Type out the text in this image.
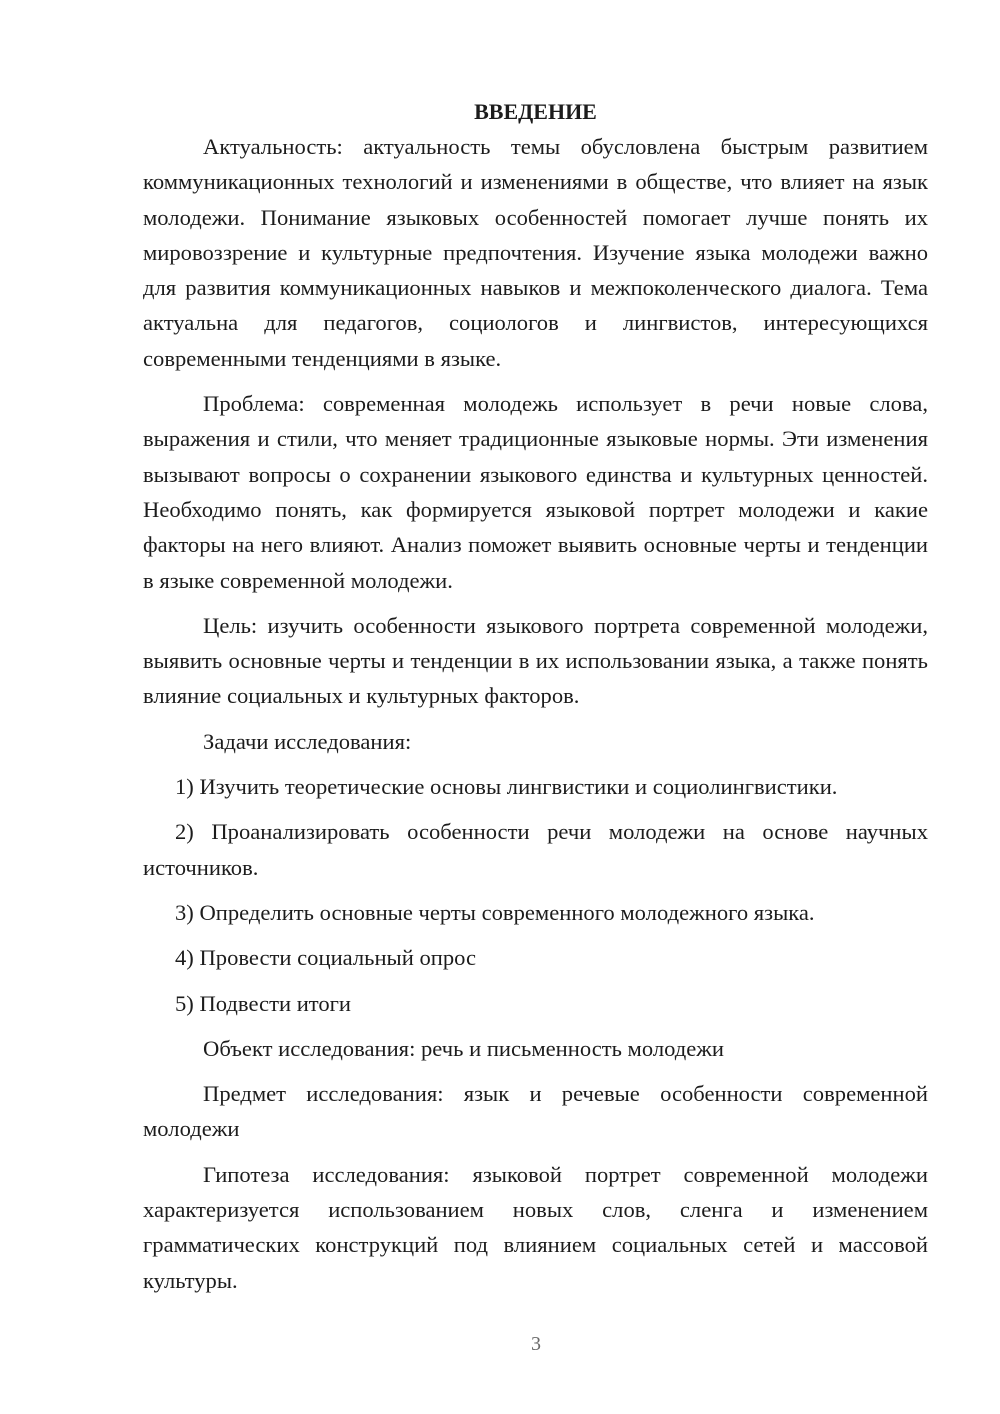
ВВЕДЕНИЕ

Актуальность: актуальность темы обусловлена быстрым развитием коммуникационных технологий и изменениями в обществе, что влияет на язык молодежи. Понимание языковых особенностей помогает лучше понять их мировоззрение и культурные предпочтения. Изучение языка молодежи важно для развития коммуникационных навыков и межпоколенческого диалога. Тема актуальна для педагогов, социологов и лингвистов, интересующихся современными тенденциями в языке.

Проблема: современная молодежь использует в речи новые слова, выражения и стили, что меняет традиционные языковые нормы. Эти изменения вызывают вопросы о сохранении языкового единства и культурных ценностей. Необходимо понять, как формируется языковой портрет молодежи и какие факторы на него влияют. Анализ поможет выявить основные черты и тенденции в языке современной молодежи.

Цель: изучить особенности языкового портрета современной молодежи, выявить основные черты и тенденции в их использовании языка, а также понять влияние социальных и культурных факторов.

Задачи исследования:

1) Изучить теоретические основы лингвистики и социолингвистики.

2) Проанализировать особенности речи молодежи на основе научных источников.

3) Определить основные черты современного молодежного языка.

4) Провести социальный опрос

5) Подвести итоги

Объект исследования: речь и письменность молодежи

Предмет исследования: язык и речевые особенности современной молодежи

Гипотеза исследования: языковой портрет современной молодежи характеризуется использованием новых слов, сленга и изменением грамматических конструкций под влиянием социальных сетей и массовой культуры.

3
